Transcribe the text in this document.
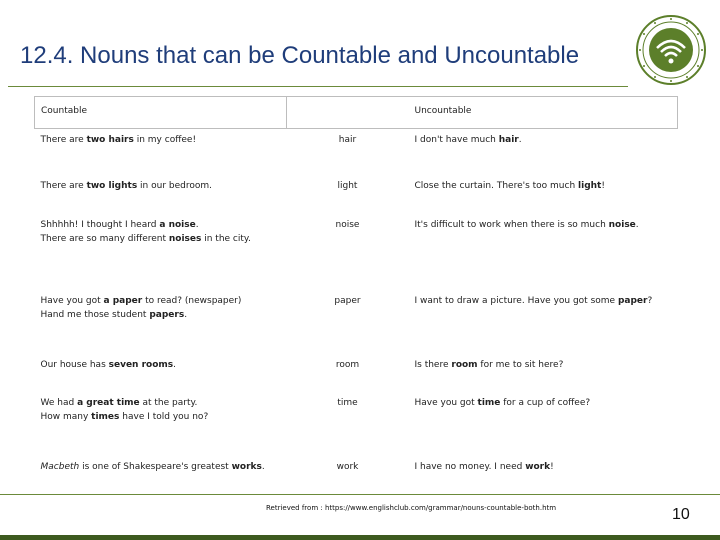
12.4. Nouns that can be Countable and Uncountable
Countable		Uncountable
There are two hairs in my coffee!	hair	I don't have much hair.
There are two lights in our bedroom.	light	Close the curtain. There's too much light!
Shhhhh! I thought I heard a noise.
There are so many different noises in the city.	noise	It's difficult to work when there is so much noise.
Have you got a paper to read? (newspaper)
Hand me those student papers.	paper	I want to draw a picture. Have you got some paper?
Our house has seven rooms.	room	Is there room for me to sit here?
We had a great time at the party.
How many times have I told you no?	time	Have you got time for a cup of coffee?
Macbeth is one of Shakespeare's greatest works.	work	I have no money. I need work!
Retrieved from : https://www.englishclub.com/grammar/nouns-countable-both.htm	10
